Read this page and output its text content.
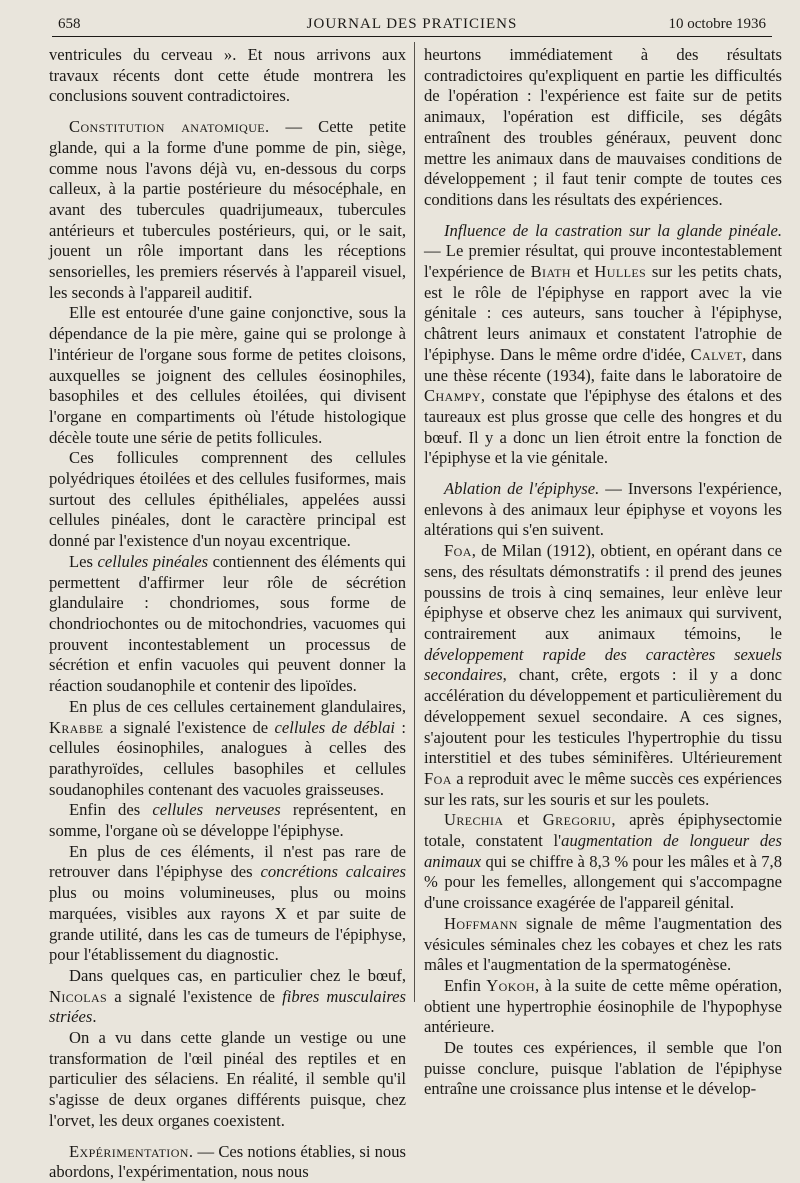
658	JOURNAL DES PRATICIENS	10 octobre 1936

ventricules du cerveau ». Et nous arrivons aux travaux récents dont cette étude montrera les conclusions souvent contradictoires.

Constitution anatomique. — Cette petite glande, qui a la forme d'une pomme de pin, siège, comme nous l'avons déjà vu, en-dessous du corps calleux, à la partie postérieure du mésocéphale, en avant des tubercules quadrijumeaux, tubercules antérieurs et tubercules postérieurs, qui, or le sait, jouent un rôle important dans les réceptions sensorielles, les premiers réservés à l'appareil visuel, les seconds à l'appareil auditif.

Elle est entourée d'une gaine conjonctive, sous la dépendance de la pie mère, gaine qui se prolonge à l'intérieur de l'organe sous forme de petites cloisons, auxquelles se joignent des cellules éosinophiles, basophiles et des cellules étoilées, qui divisent l'organe en compartiments où l'étude histologique décèle toute une série de petits follicules.

Ces follicules comprennent des cellules polyédriques étoilées et des cellules fusiformes, mais surtout des cellules épithéliales, appelées aussi cellules pinéales, dont le caractère principal est donné par l'existence d'un noyau excentrique.

Les cellules pinéales contiennent des éléments qui permettent d'affirmer leur rôle de sécrétion glandulaire : chondriomes, sous forme de chondriochontes ou de mitochondries, vacuomes qui prouvent incontestablement un processus de sécrétion et enfin vacuoles qui peuvent donner la réaction soudanophile et contenir des lipoïdes.

En plus de ces cellules certainement glandulaires, Krabbe a signalé l'existence de cellules de déblai : cellules éosinophiles, analogues à celles des parathyroïdes, cellules basophiles et cellules soudanophiles contenant des vacuoles graisseuses.

Enfin des cellules nerveuses représentent, en somme, l'organe où se développe l'épiphyse.

En plus de ces éléments, il n'est pas rare de retrouver dans l'épiphyse des concrétions calcaires plus ou moins volumineuses, plus ou moins marquées, visibles aux rayons X et par suite de grande utilité, dans les cas de tumeurs de l'épiphyse, pour l'établissement du diagnostic.

Dans quelques cas, en particulier chez le bœuf, Nicolas a signalé l'existence de fibres musculaires striées.

On a vu dans cette glande un vestige ou une transformation de l'œil pinéal des reptiles et en particulier des sélaciens. En réalité, il semble qu'il s'agisse de deux organes différents puisque, chez l'orvet, les deux organes coexistent.

Expérimentation. — Ces notions établies, si nous abordons, l'expérimentation, nous nous

heurtons immédiatement à des résultats contradictoires qu'expliquent en partie les difficultés de l'opération : l'expérience est faite sur de petits animaux, l'opération est difficile, ses dégâts entraînent des troubles généraux, peuvent donc mettre les animaux dans de mauvaises conditions de développement ; il faut tenir compte de toutes ces conditions dans les résultats des expériences.

Influence de la castration sur la glande pinéale. — Le premier résultat, qui prouve incontestablement l'expérience de Biath et Hulles sur les petits chats, est le rôle de l'épiphyse en rapport avec la vie génitale : ces auteurs, sans toucher à l'épiphyse, châtrent leurs animaux et constatent l'atrophie de l'épiphyse. Dans le même ordre d'idée, Calvet, dans une thèse récente (1934), faite dans le laboratoire de Champy, constate que l'épiphyse des étalons et des taureaux est plus grosse que celle des hongres et du bœuf. Il y a donc un lien étroit entre la fonction de l'épiphyse et la vie génitale.

Ablation de l'épiphyse. — Inversons l'expérience, enlevons à des animaux leur épiphyse et voyons les altérations qui s'en suivent.

Foa, de Milan (1912), obtient, en opérant dans ce sens, des résultats démonstratifs : il prend des jeunes poussins de trois à cinq semaines, leur enlève leur épiphyse et observe chez les animaux qui survivent, contrairement aux animaux témoins, le développement rapide des caractères sexuels secondaires, chant, crête, ergots : il y a donc accélération du développement et particulièrement du développement sexuel secondaire. A ces signes, s'ajoutent pour les testicules l'hypertrophie du tissu interstitiel et des tubes séminifères. Ultérieurement Foa a reproduit avec le même succès ces expériences sur les rats, sur les souris et sur les poulets.

Urechia et Gregoriu, après épiphysectomie totale, constatent l'augmentation de longueur des animaux qui se chiffre à 8,3 % pour les mâles et à 7,8 % pour les femelles, allongement qui s'accompagne d'une croissance exagérée de l'appareil génital.

Hoffmann signale de même l'augmentation des vésicules séminales chez les cobayes et chez les rats mâles et l'augmentation de la spermatogénèse.

Enfin Yokoh, à la suite de cette même opération, obtient une hypertrophie éosinophile de l'hypophyse antérieure.

De toutes ces expériences, il semble que l'on puisse conclure, puisque l'ablation de l'épiphyse entraîne une croissance plus intense et le dévelop-
